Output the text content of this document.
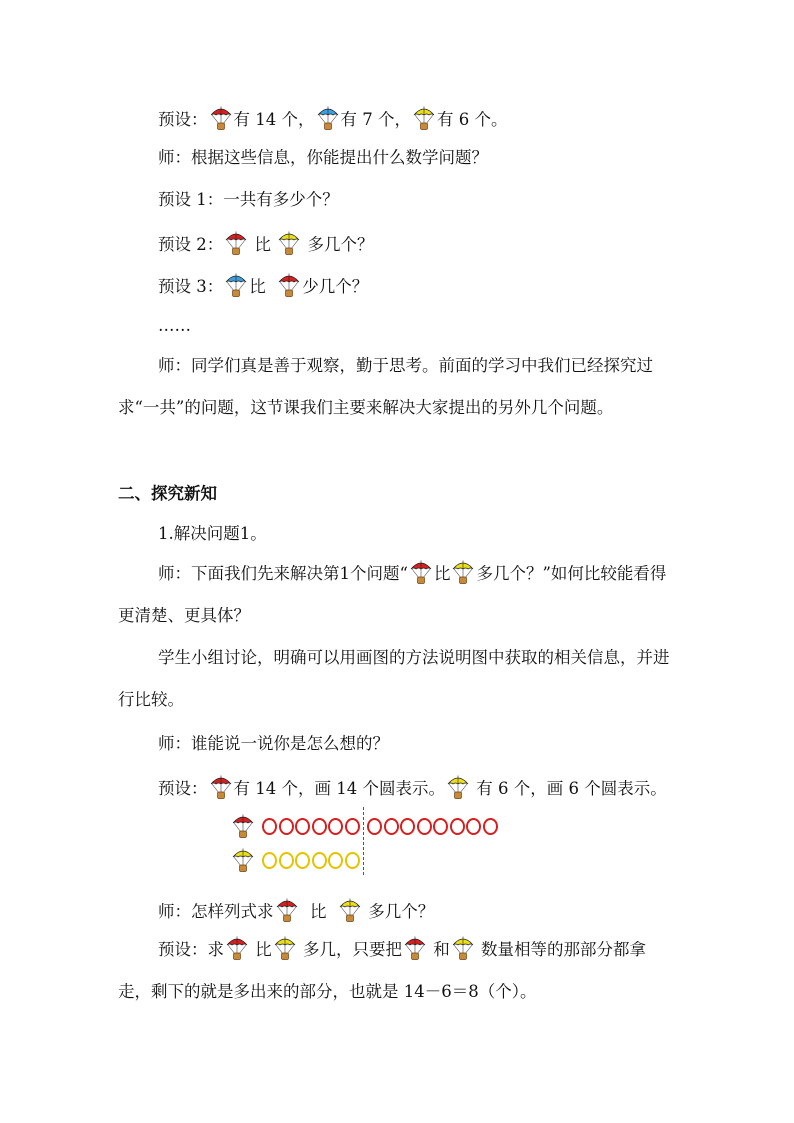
预设： 有 14 个， 有 7 个， 有 6 个。
师：根据这些信息，你能提出什么数学问题？
预设 1：一共有多少个？
预设 2： 比 多几个？
预设 3： 比 少几个？
……
师：同学们真是善于观察，勤于思考。前面的学习中我们已经探究过求“一共”的问题，这节课我们主要来解决大家提出的另外几个问题。
二、探究新知
1.解决问题1。
师：下面我们先来解决第1个问题“ 比 多几个？”如何比较能看得更清楚、更具体？
学生小组讨论，明确可以用画图的方法说明图中获取的相关信息，并进行比较。
师：谁能说一说你是怎么想的？
预设： 有 14 个，画 14 个圆表示。 有 6 个，画 6 个圆表示。
师：怎样列式求 比	多几个？
预设：求 比 多几，只要把 和 数量相等的那部分都拿走，剩下的就是多出来的部分，也就是 14－6＝8（个）。
